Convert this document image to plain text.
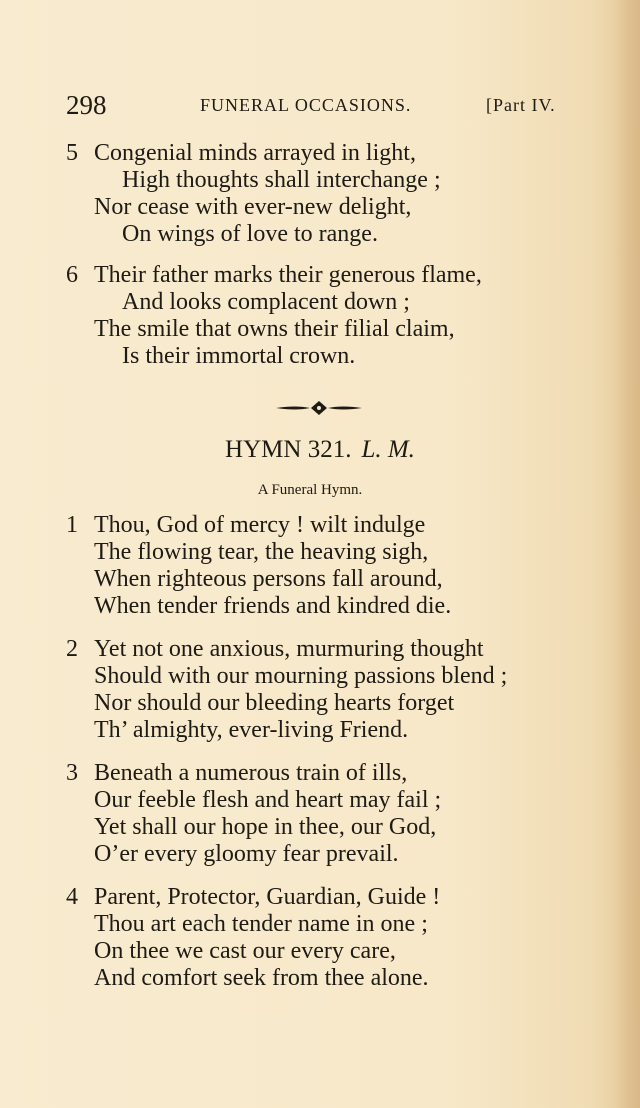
298	FUNERAL OCCASIONS.	[Part IV.
5 Congenial minds arrayed in light,
High thoughts shall interchange ;
Nor cease with ever-new delight,
On wings of love to range.
6 Their father marks their generous flame,
And looks complacent down ;
The smile that owns their filial claim,
Is their immortal crown.
HYMN 321. L. M.
A Funeral Hymn.
1 Thou, God of mercy ! wilt indulge
The flowing tear, the heaving sigh,
When righteous persons fall around,
When tender friends and kindred die.
2 Yet not one anxious, murmuring thought
Should with our mourning passions blend ;
Nor should our bleeding hearts forget
Th’ almighty, ever-living Friend.
3 Beneath a numerous train of ills,
Our feeble flesh and heart may fail ;
Yet shall our hope in thee, our God,
O’er every gloomy fear prevail.
4 Parent, Protector, Guardian, Guide !
Thou art each tender name in one ;
On thee we cast our every care,
And comfort seek from thee alone.
